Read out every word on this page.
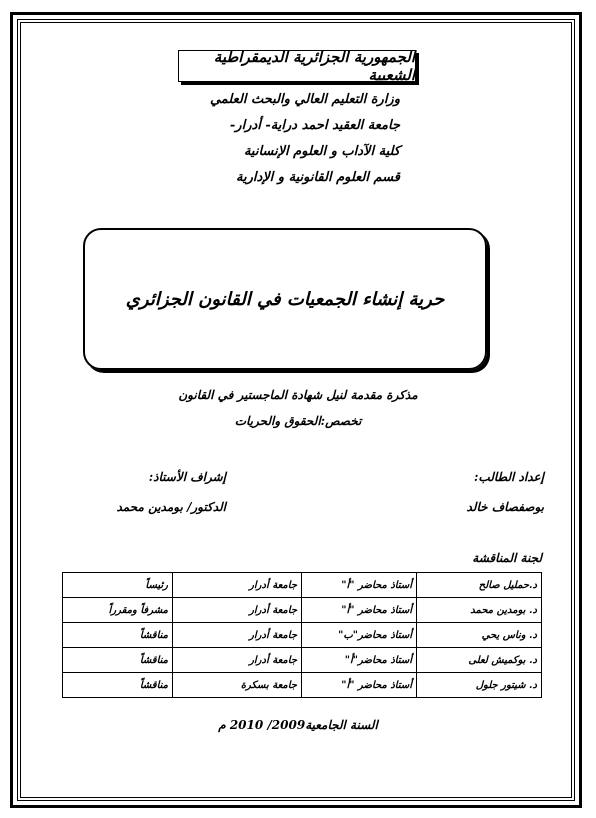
الجمهورية الجزائرية الديمقراطية الشعبية
وزارة التعليم العالي والبحث العلمي
جامعة العقيد احمد دراية- أدرار-
كلية الآداب و العلوم الإنسانية
قسم العلوم القانونية و الإدارية
حرية إنشاء الجمعيات في القانون الجزائري
مذكرة مقدمة لنيل شهادة الماجستير في القانون
تخصص:الحقوق والحريات
إعداد الطالب:
بوصفصاف خالد
إشراف الأستاذ:
الدكتور/ بومدين محمد
لجنة المناقشة
د.حمليل صالح	أستاذ محاضر "أ"	جامعة أدرار	رئيساً
د. بومدين محمد	أستاذ محاضر "أ"	جامعة أدرار	مشرفاً ومقرراً
د. وناس يحي	أستاذ محاضر"ب"	جامعة أدرار	مناقشاً
د. بوكميش لعلى	أستاذ محاضر"أ"	جامعة أدرار	مناقشاً
د. شيتور جلول	أستاذ محاضر "أ"	جامعة بسكرة	مناقشاً
السنة الجامعية2009/ 2010 م
